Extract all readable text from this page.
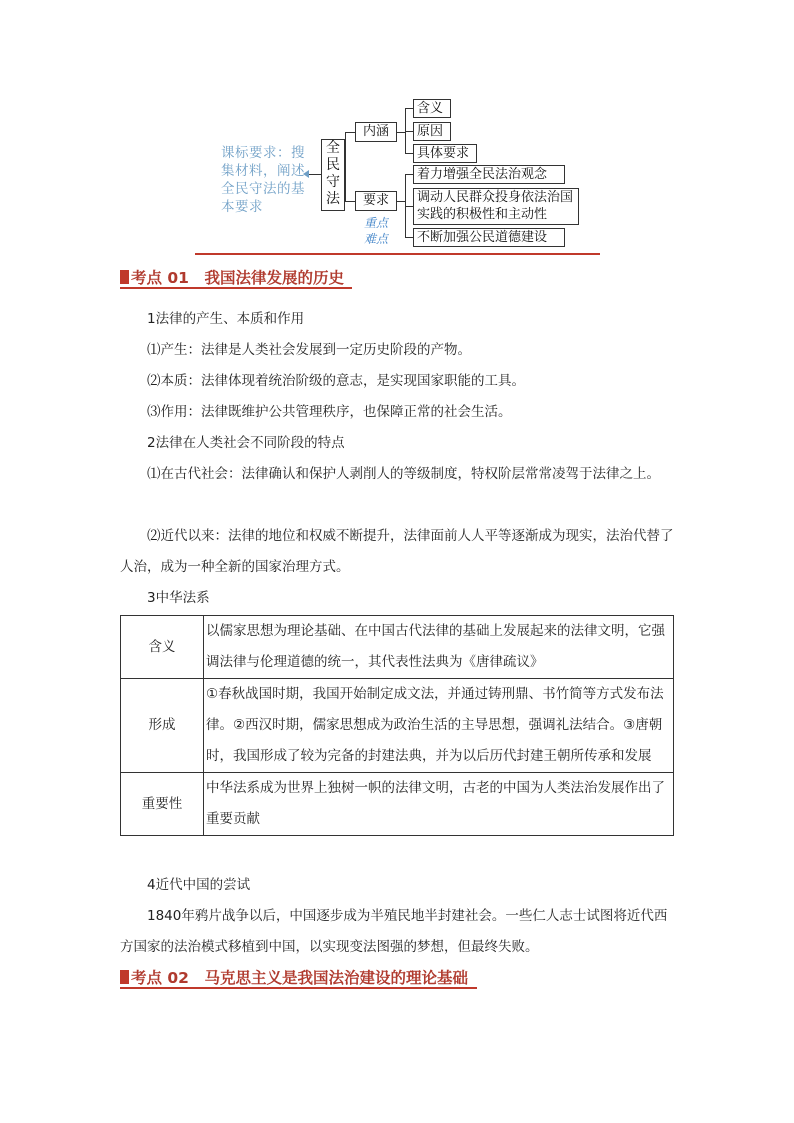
课标要求：搜集材料，阐述全民守法的基本要求
全
民
守
法
内涵
要求
含义
原因
具体要求
着力增强全民法治观念
调动人民群众投身依法治国实践的积极性和主动性
不断加强公民道德建设
重点
难点
考点 01　我国法律发展的历史
1法律的产生、本质和作用
⑴产生：法律是人类社会发展到一定历史阶段的产物。
⑵本质：法律体现着统治阶级的意志，是实现国家职能的工具。
⑶作用：法律既维护公共管理秩序，也保障正常的社会生活。
2法律在人类社会不同阶段的特点
⑴在古代社会：法律确认和保护人剥削人的等级制度，特权阶层常常凌驾于法律之上。
⑵近代以来：法律的地位和权威不断提升，法律面前人人平等逐渐成为现实，法治代替了人治，成为一种全新的国家治理方式。
3中华法系
含义	以儒家思想为理论基础、在中国古代法律的基础上发展起来的法律文明，它强调法律与伦理道德的统一，其代表性法典为《唐律疏议》
形成	①春秋战国时期，我国开始制定成文法，并通过铸刑鼎、书竹简等方式发布法律。②西汉时期，儒家思想成为政治生活的主导思想，强调礼法结合。③唐朝时，我国形成了较为完备的封建法典，并为以后历代封建王朝所传承和发展
重要性	中华法系成为世界上独树一帜的法律文明，古老的中国为人类法治发展作出了重要贡献
4近代中国的尝试
1840年鸦片战争以后，中国逐步成为半殖民地半封建社会。一些仁人志士试图将近代西方国家的法治模式移植到中国，以实现变法图强的梦想，但最终失败。
考点 02　马克思主义是我国法治建设的理论基础
